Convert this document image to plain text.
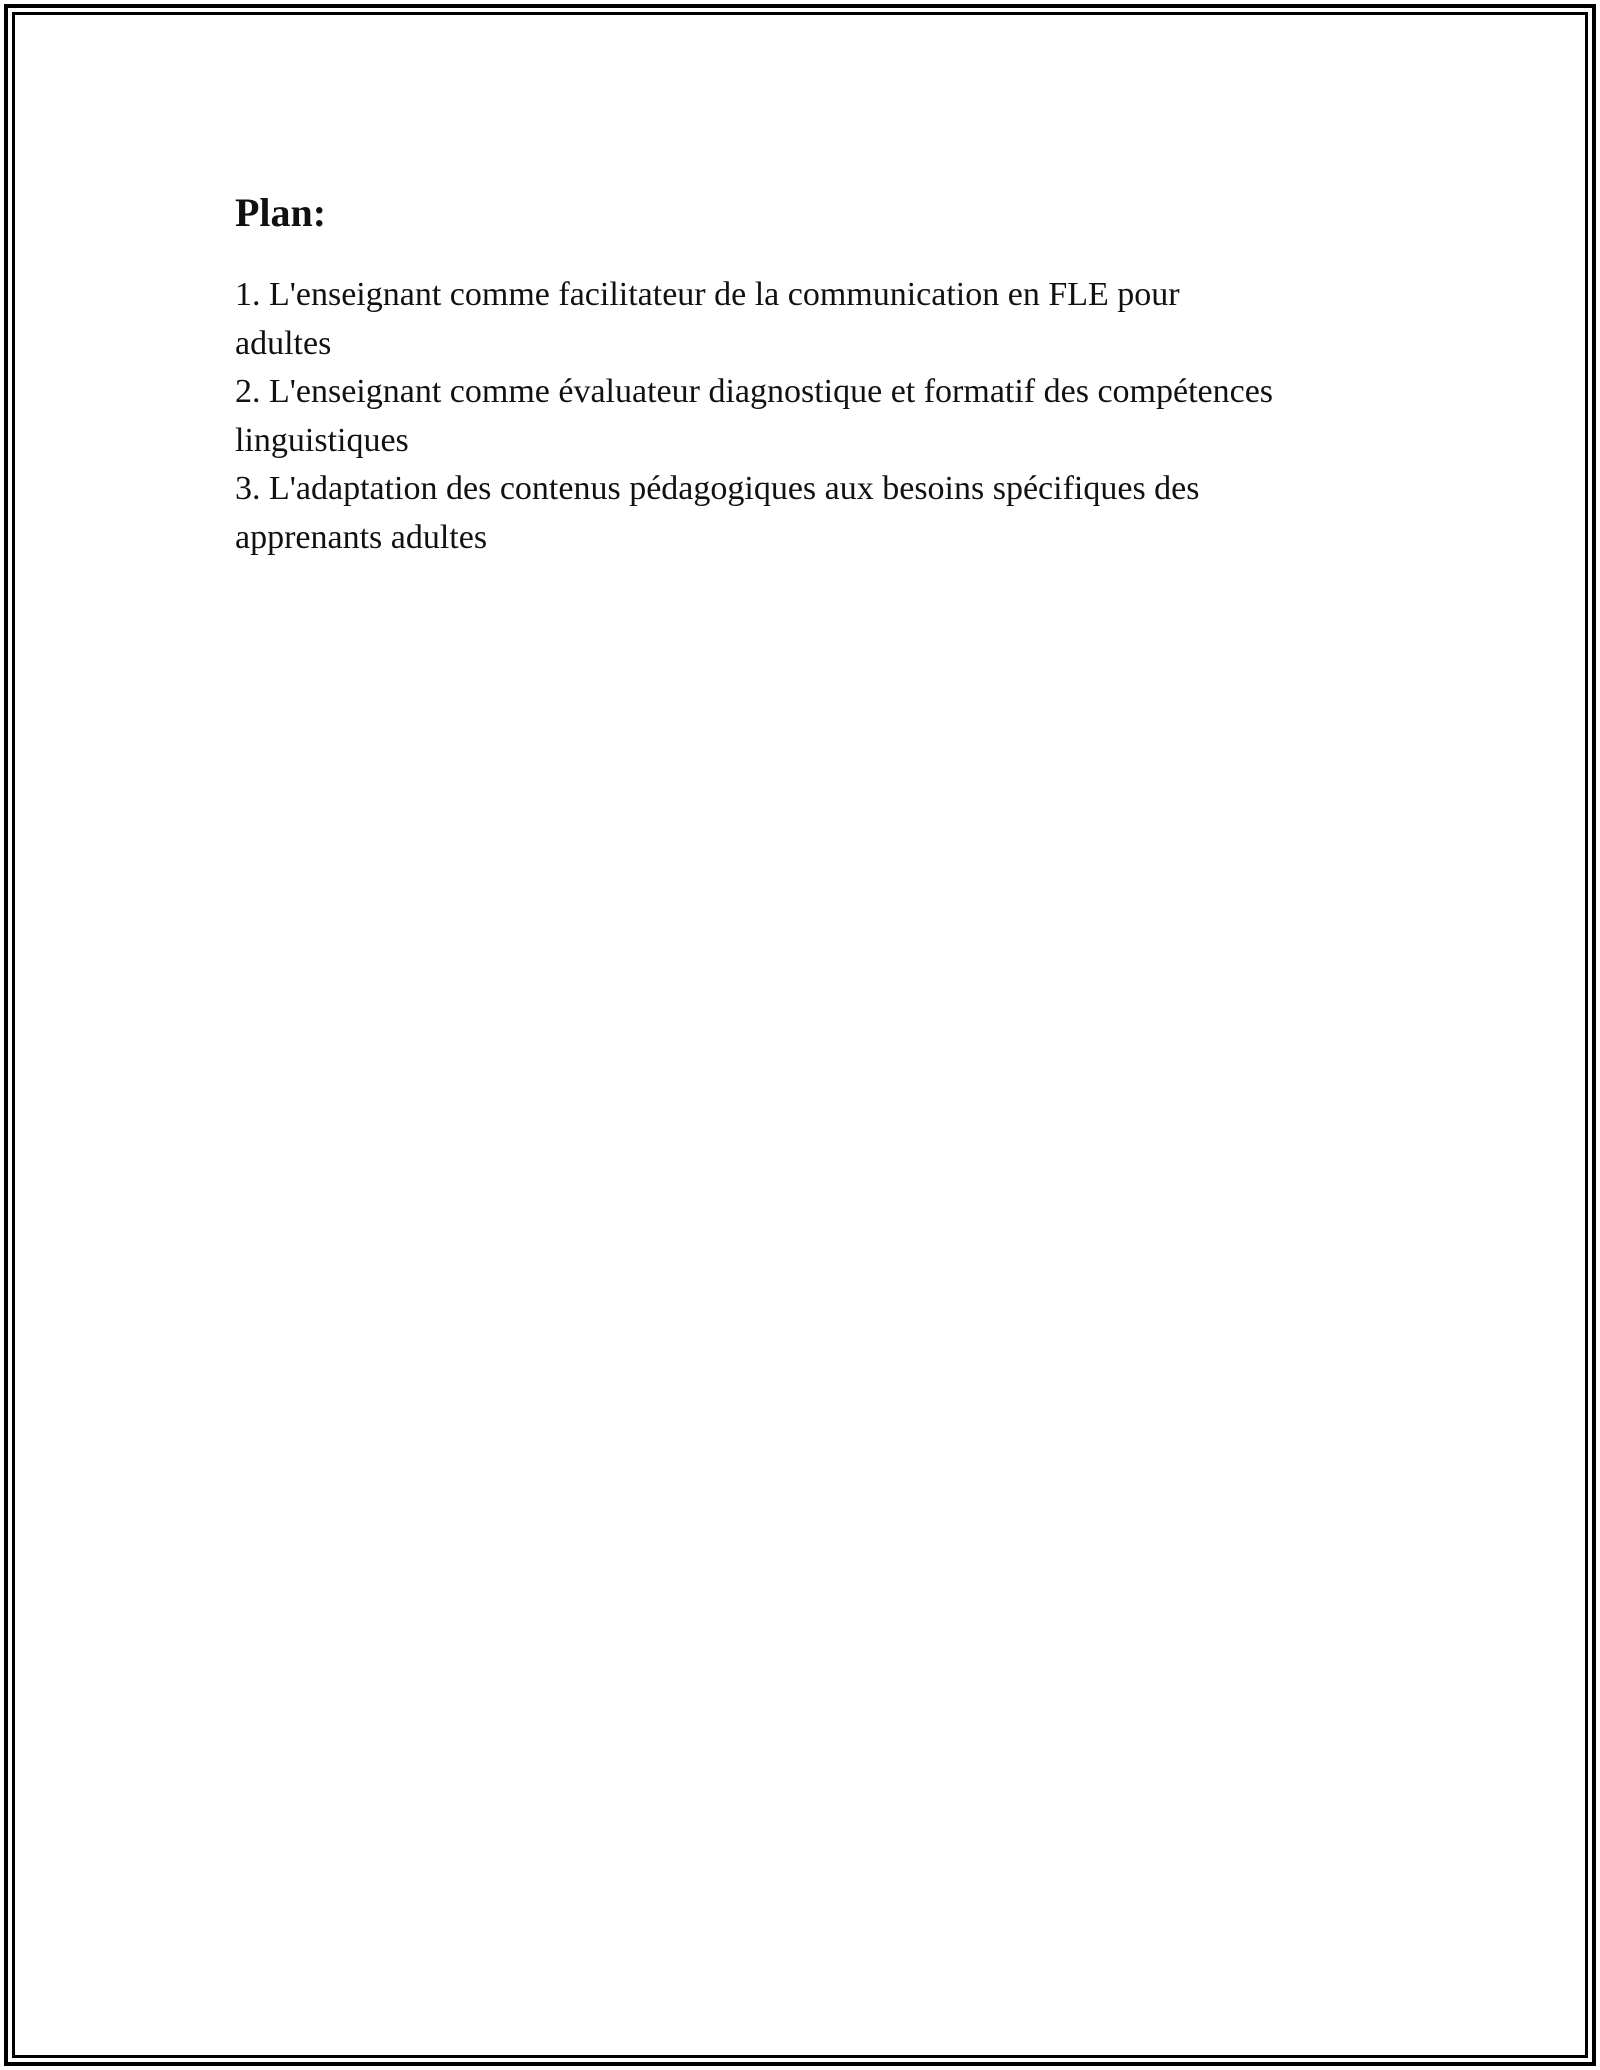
Plan:
1. L'enseignant comme facilitateur de la communication en FLE pour adultes
2. L'enseignant comme évaluateur diagnostique et formatif des compétences linguistiques
3. L'adaptation des contenus pédagogiques aux besoins spécifiques des apprenants adultes
